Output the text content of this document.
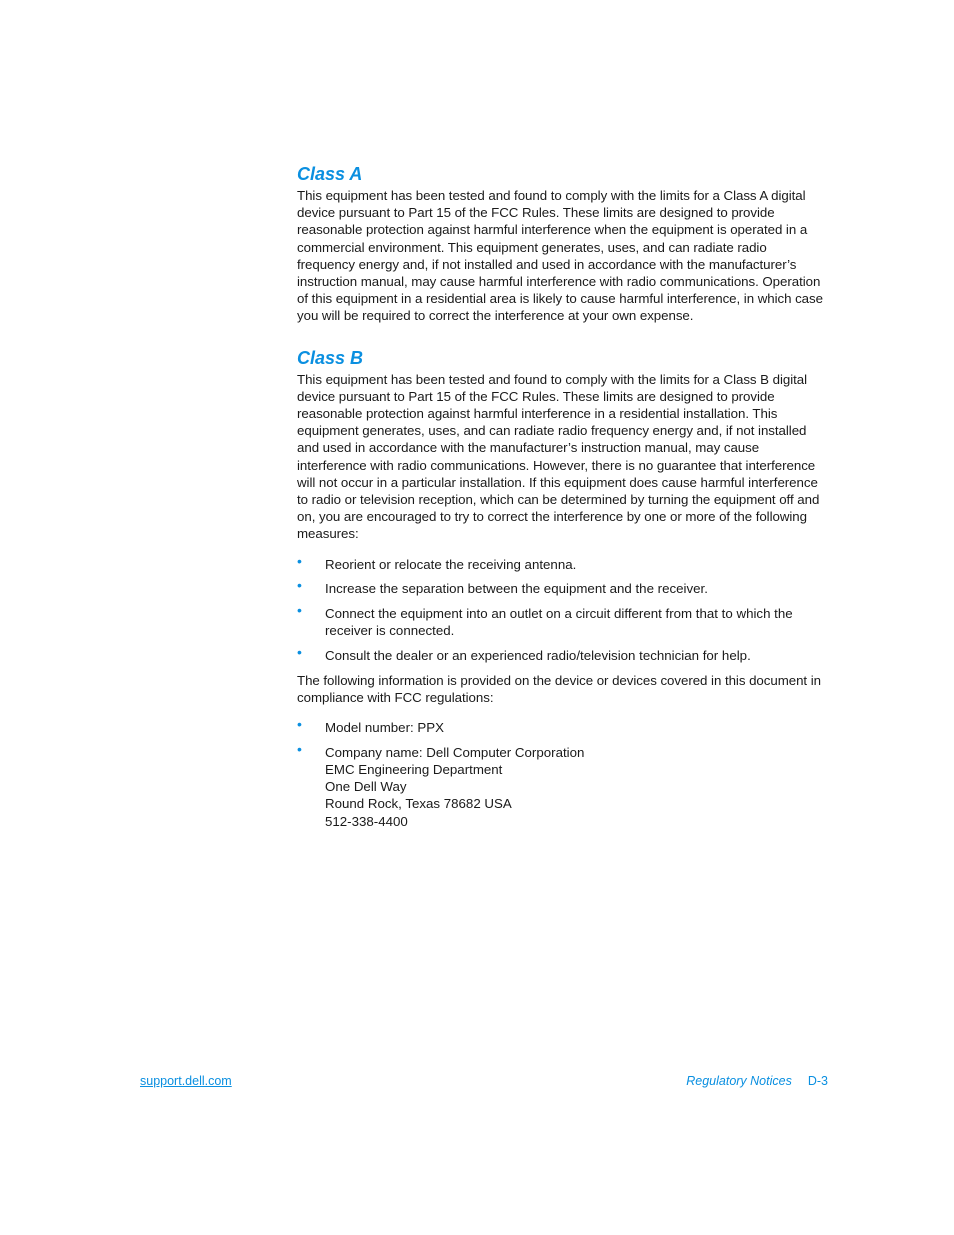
Class A

This equipment has been tested and found to comply with the limits for a Class A digital device pursuant to Part 15 of the FCC Rules. These limits are designed to provide reasonable protection against harmful interference when the equipment is operated in a commercial environment. This equipment generates, uses, and can radiate radio frequency energy and, if not installed and used in accordance with the manufacturer’s instruction manual, may cause harmful interference with radio communications. Operation of this equipment in a residential area is likely to cause harmful interference, in which case you will be required to correct the interference at your own expense.

Class B

This equipment has been tested and found to comply with the limits for a Class B digital device pursuant to Part 15 of the FCC Rules. These limits are designed to provide reasonable protection against harmful interference in a residential installation. This equipment generates, uses, and can radiate radio frequency energy and, if not installed and used in accordance with the manufacturer’s instruction manual, may cause interference with radio communications. However, there is no guarantee that interference will not occur in a particular installation. If this equipment does cause harmful interference to radio or television reception, which can be determined by turning the equipment off and on, you are encouraged to try to correct the interference by one or more of the following measures:

• Reorient or relocate the receiving antenna.
• Increase the separation between the equipment and the receiver.
• Connect the equipment into an outlet on a circuit different from that to which the receiver is connected.
• Consult the dealer or an experienced radio/television technician for help.

The following information is provided on the device or devices covered in this document in compliance with FCC regulations:

• Model number: PPX
• Company name: Dell Computer Corporation
EMC Engineering Department
One Dell Way
Round Rock, Texas 78682 USA
512-338-4400
support.dell.com	Regulatory Notices D-3
